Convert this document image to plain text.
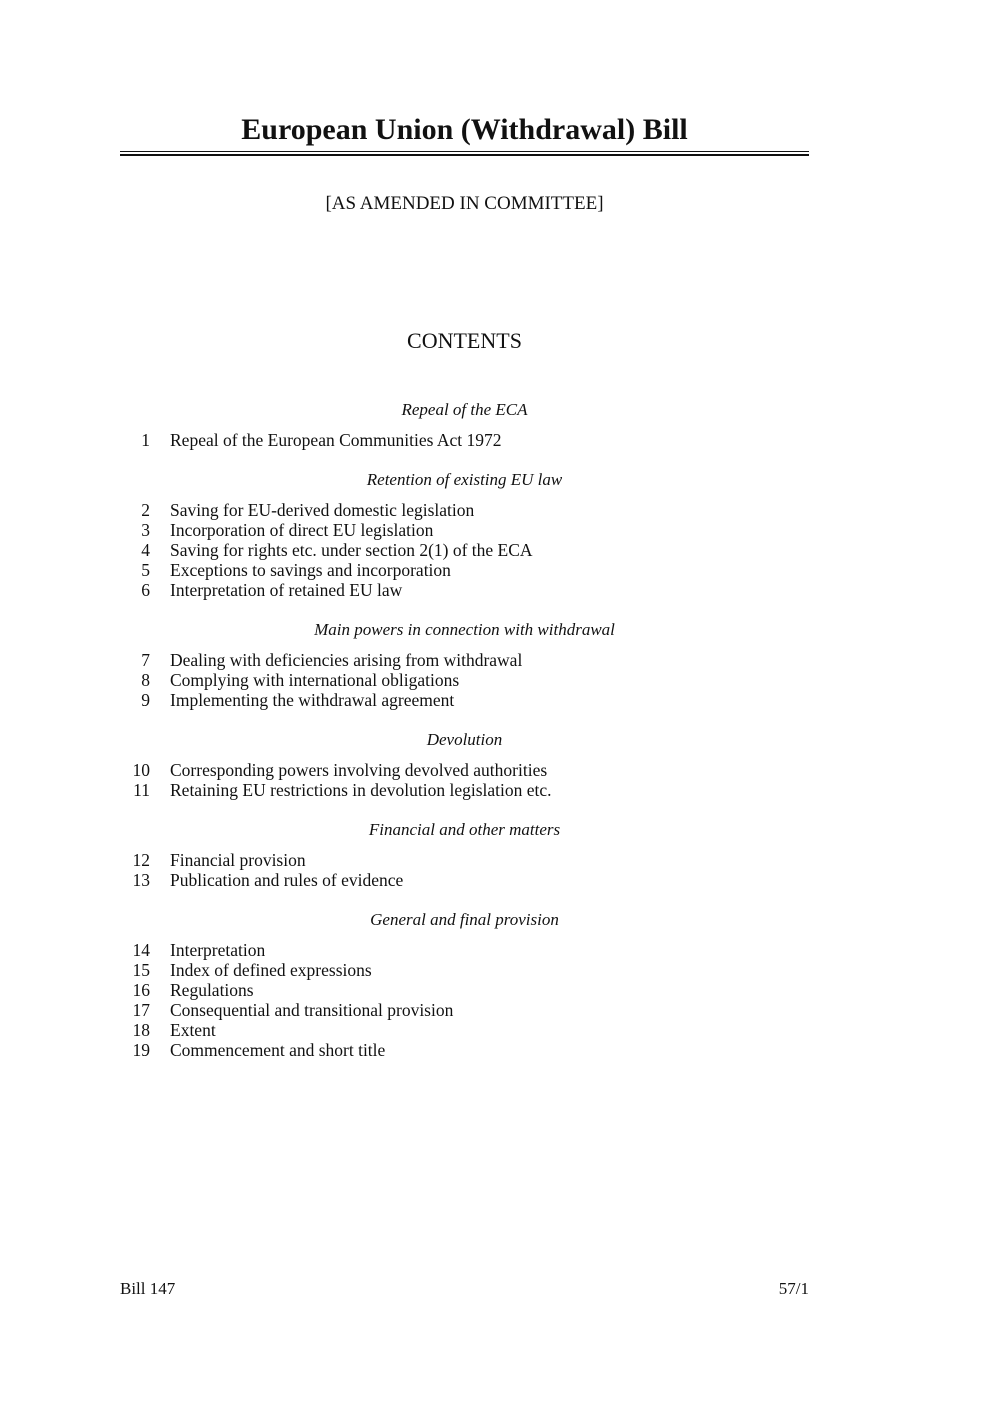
European Union (Withdrawal) Bill
[AS AMENDED IN COMMITTEE]
CONTENTS
Repeal of the ECA
1	Repeal of the European Communities Act 1972
Retention of existing EU law
2	Saving for EU-derived domestic legislation
3	Incorporation of direct EU legislation
4	Saving for rights etc. under section 2(1) of the ECA
5	Exceptions to savings and incorporation
6	Interpretation of retained EU law
Main powers in connection with withdrawal
7	Dealing with deficiencies arising from withdrawal
8	Complying with international obligations
9	Implementing the withdrawal agreement
Devolution
10	Corresponding powers involving devolved authorities
11	Retaining EU restrictions in devolution legislation etc.
Financial and other matters
12	Financial provision
13	Publication and rules of evidence
General and final provision
14	Interpretation
15	Index of defined expressions
16	Regulations
17	Consequential and transitional provision
18	Extent
19	Commencement and short title
Bill 147	57/1
